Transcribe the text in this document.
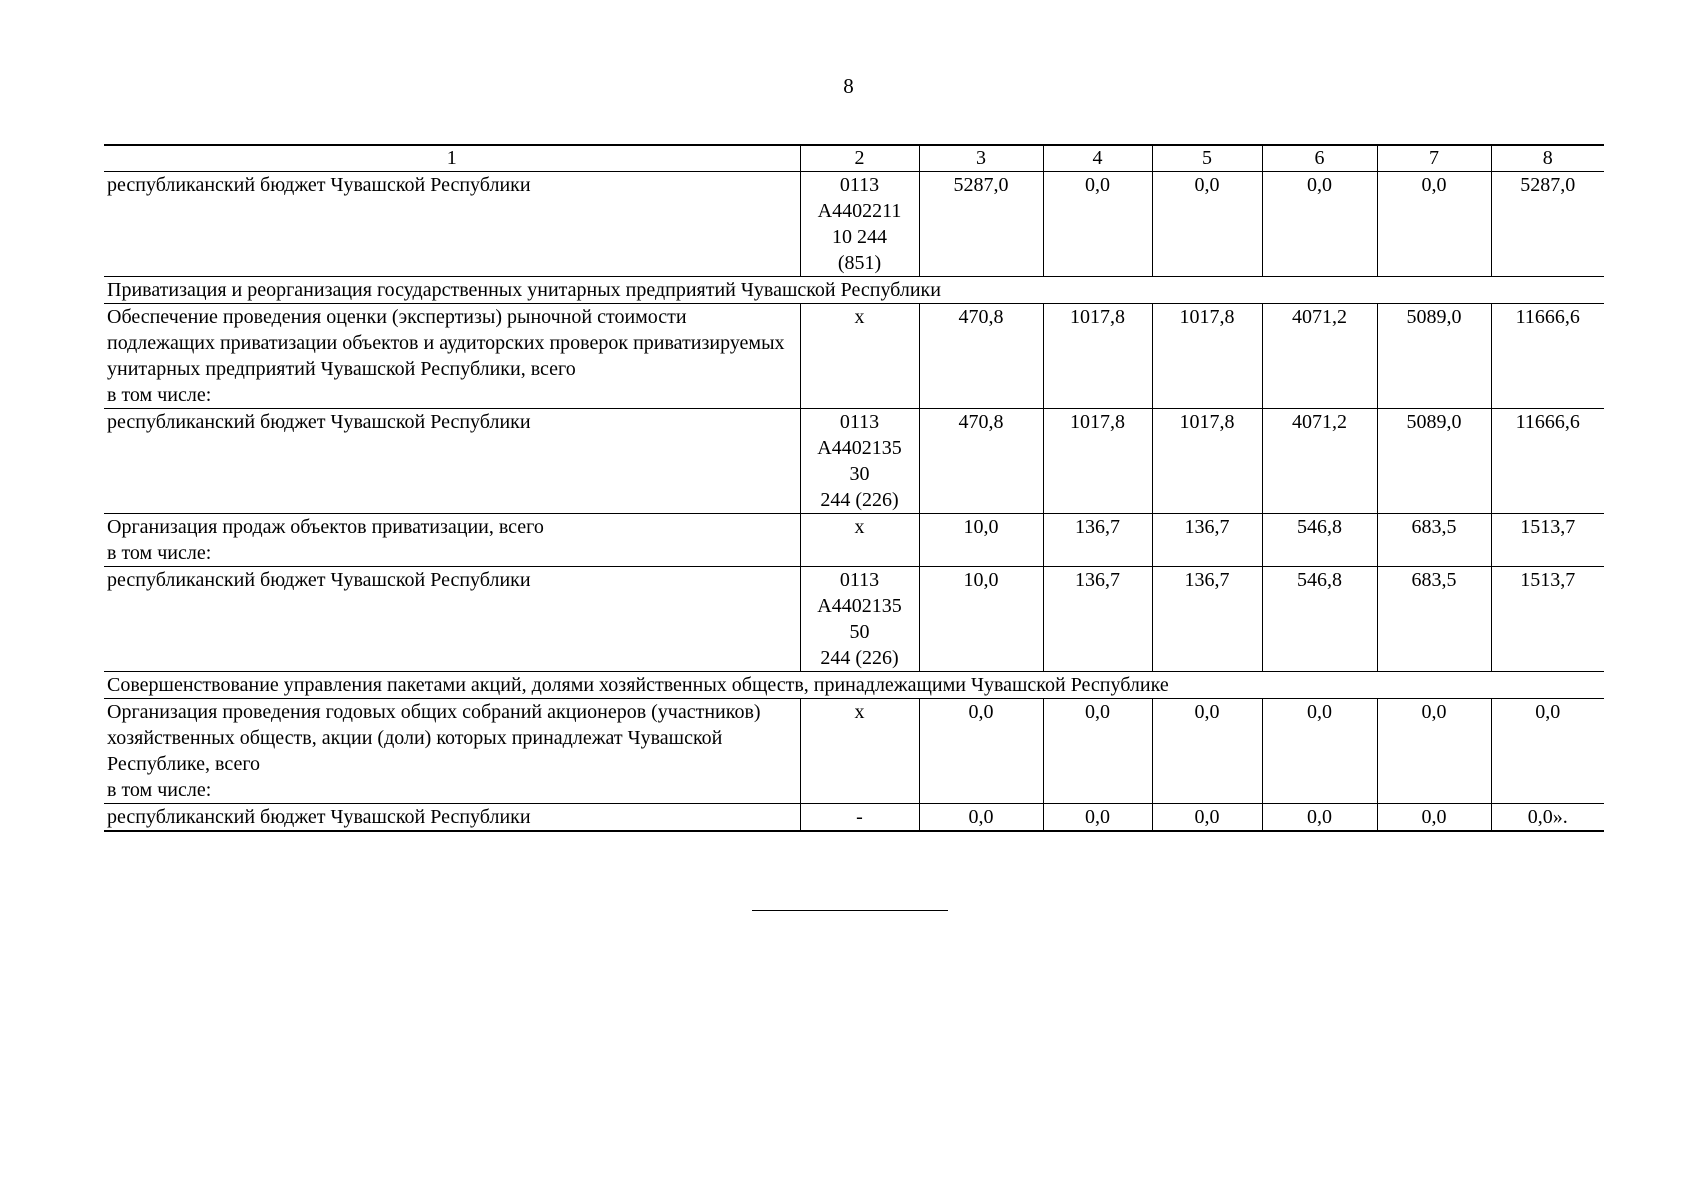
8
1	2	3	4	5	6	7	8

республиканский бюджет Чувашской Республики	0113
А4402211
10 244
(851)	5287,0	0,0	0,0	0,0	0,0	5287,0
Приватизация и реорганизация государственных унитарных предприятий Чувашской Республики							

Обеспечение проведения оценки (экспертизы) рыночной стоимости подлежащих приватизации объектов и аудиторских проверок приватизируемых унитарных предприятий Чувашской Республики, всего
в том числе:	х	470,8	1017,8	1017,8	4071,2	5089,0	11666,6

республиканский бюджет Чувашской Республики	0113
А4402135
30
244 (226)	470,8	1017,8	1017,8	4071,2	5089,0	11666,6

Организация продаж объектов приватизации, всего
в том числе:	х	10,0	136,7	136,7	546,8	683,5	1513,7

республиканский бюджет Чувашской Республики	0113
А4402135
50
244 (226)	10,0	136,7	136,7	546,8	683,5	1513,7
Совершенствование управления пакетами акций, долями хозяйственных обществ, принадлежащими Чувашской Республике							

Организация проведения годовых общих собраний акционеров (участников) хозяйственных обществ, акции (доли) которых принадлежат Чувашской Республике, всего
в том числе:	х	0,0	0,0	0,0	0,0	0,0	0,0

республиканский бюджет Чувашской Республики	-	0,0	0,0	0,0	0,0	0,0	0,0».
